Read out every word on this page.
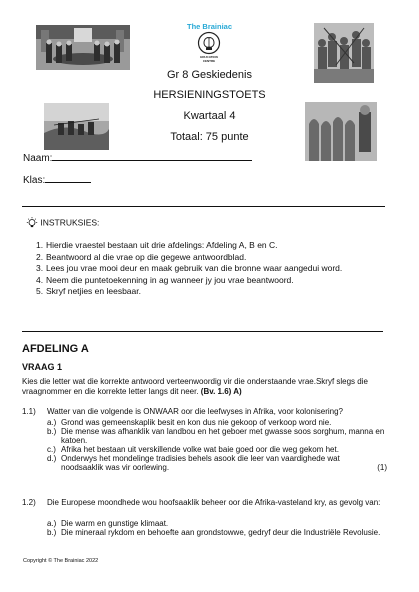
The Brainiac
EDUCATION
CENTRE
Gr 8 Geskiedenis
HERSIENINGSTOETS
Kwartaal 4
Totaal: 75 punte
Naam:
Klas:
INSTRUKSIES:
1. Hierdie vraestel bestaan uit drie afdelings: Afdeling A, B en C.
2. Beantwoord al die vrae op die gegewe antwoordblad.
3. Lees jou vrae mooi deur en maak gebruik van die bronne waar aangedui word.
4. Neem die puntetoekenning in ag wanneer jy jou vrae beantwoord.
5. Skryf netjies en leesbaar.
AFDELING A
VRAAG 1
Kies die letter wat die korrekte antwoord verteenwoordig vir die onderstaande vrae.Skryf slegs die vraagnommer en die korrekte letter langs dit neer. (Bv. 1.6) A)
1.1) Watter van die volgende is ONWAAR oor die leefwyses in Afrika, voor kolonisering?
a.) Grond was gemeenskaplik besit en kon dus nie gekoop of verkoop word nie.
b.) Die mense was afhanklik van landbou en het geboer met gwasse soos sorghum, manna en katoen.
c.) Afrika het bestaan uit verskillende volke wat baie goed oor die weg gekom het.
d.) Onderwys het mondelinge tradisies behels asook die leer van vaardighede wat noodsaaklik was vir oorlewing.	(1)
1.2) Die Europese moondhede wou hoofsaaklik beheer oor die Afrika-vasteland kry, as gevolg van:
a.) Die warm en gunstige klimaat.
b.) Die mineraal rykdom en behoefte aan grondstowwe, gedryf deur die Industriële Revolusie.
Copyright © The Brainiac 2022
